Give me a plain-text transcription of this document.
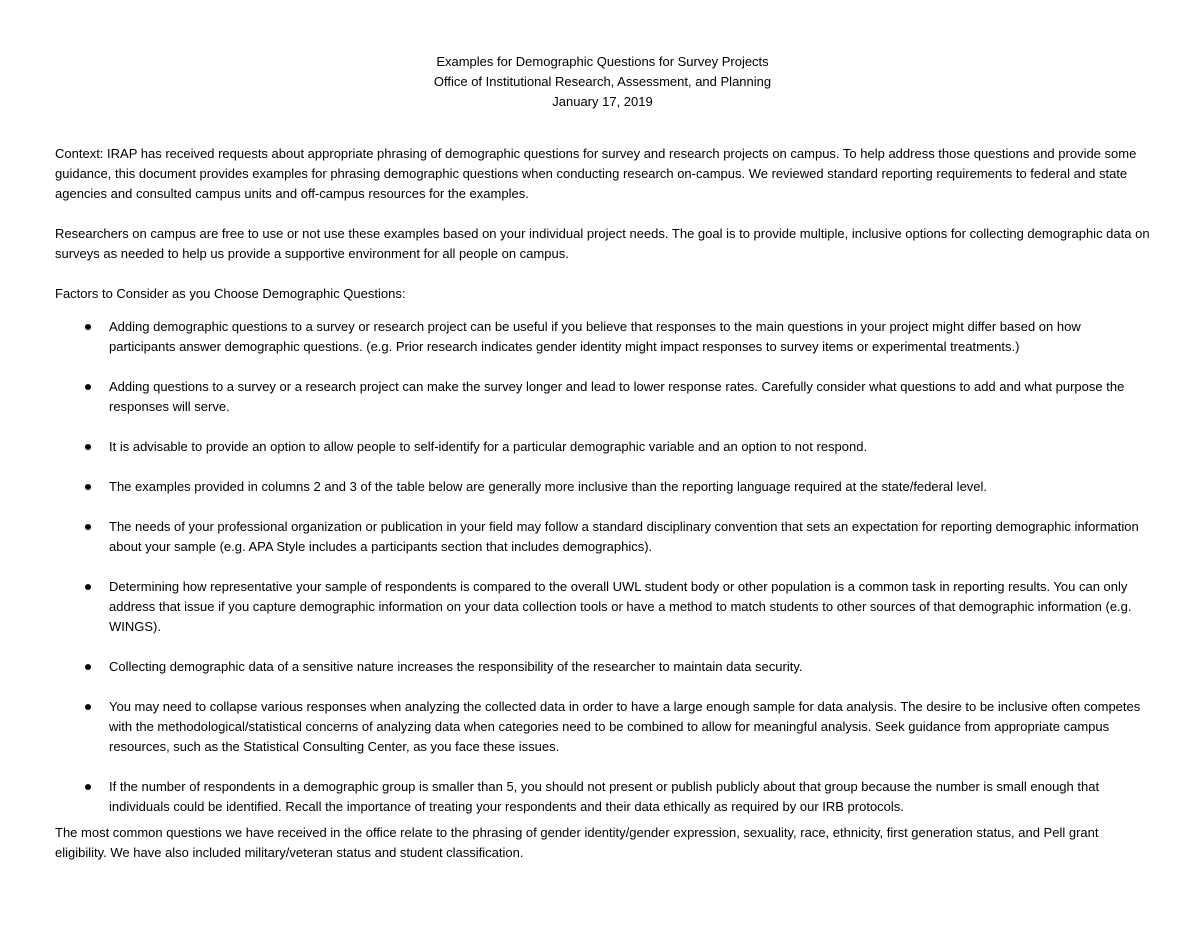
Examples for Demographic Questions for Survey Projects
Office of Institutional Research, Assessment, and Planning
January 17, 2019

Context: IRAP has received requests about appropriate phrasing of demographic questions for survey and research projects on campus. To help address those questions and provide some guidance, this document provides examples for phrasing demographic questions when conducting research on-campus. We reviewed standard reporting requirements to federal and state agencies and consulted campus units and off-campus resources for the examples.

Researchers on campus are free to use or not use these examples based on your individual project needs. The goal is to provide multiple, inclusive options for collecting demographic data on surveys as needed to help us provide a supportive environment for all people on campus.

Factors to Consider as you Choose Demographic Questions:

Adding demographic questions to a survey or research project can be useful if you believe that responses to the main questions in your project might differ based on how participants answer demographic questions. (e.g. Prior research indicates gender identity might impact responses to survey items or experimental treatments.)
Adding questions to a survey or a research project can make the survey longer and lead to lower response rates. Carefully consider what questions to add and what purpose the responses will serve.
It is advisable to provide an option to allow people to self-identify for a particular demographic variable and an option to not respond.
The examples provided in columns 2 and 3 of the table below are generally more inclusive than the reporting language required at the state/federal level.
The needs of your professional organization or publication in your field may follow a standard disciplinary convention that sets an expectation for reporting demographic information about your sample (e.g. APA Style includes a participants section that includes demographics).
Determining how representative your sample of respondents is compared to the overall UWL student body or other population is a common task in reporting results. You can only address that issue if you capture demographic information on your data collection tools or have a method to match students to other sources of that demographic information (e.g. WINGS).
Collecting demographic data of a sensitive nature increases the responsibility of the researcher to maintain data security.
You may need to collapse various responses when analyzing the collected data in order to have a large enough sample for data analysis. The desire to be inclusive often competes with the methodological/statistical concerns of analyzing data when categories need to be combined to allow for meaningful analysis. Seek guidance from appropriate campus resources, such as the Statistical Consulting Center, as you face these issues.
If the number of respondents in a demographic group is smaller than 5, you should not present or publish publicly about that group because the number is small enough that individuals could be identified. Recall the importance of treating your respondents and their data ethically as required by our IRB protocols.

The most common questions we have received in the office relate to the phrasing of gender identity/gender expression, sexuality, race, ethnicity, first generation status, and Pell grant eligibility. We have also included military/veteran status and student classification.
